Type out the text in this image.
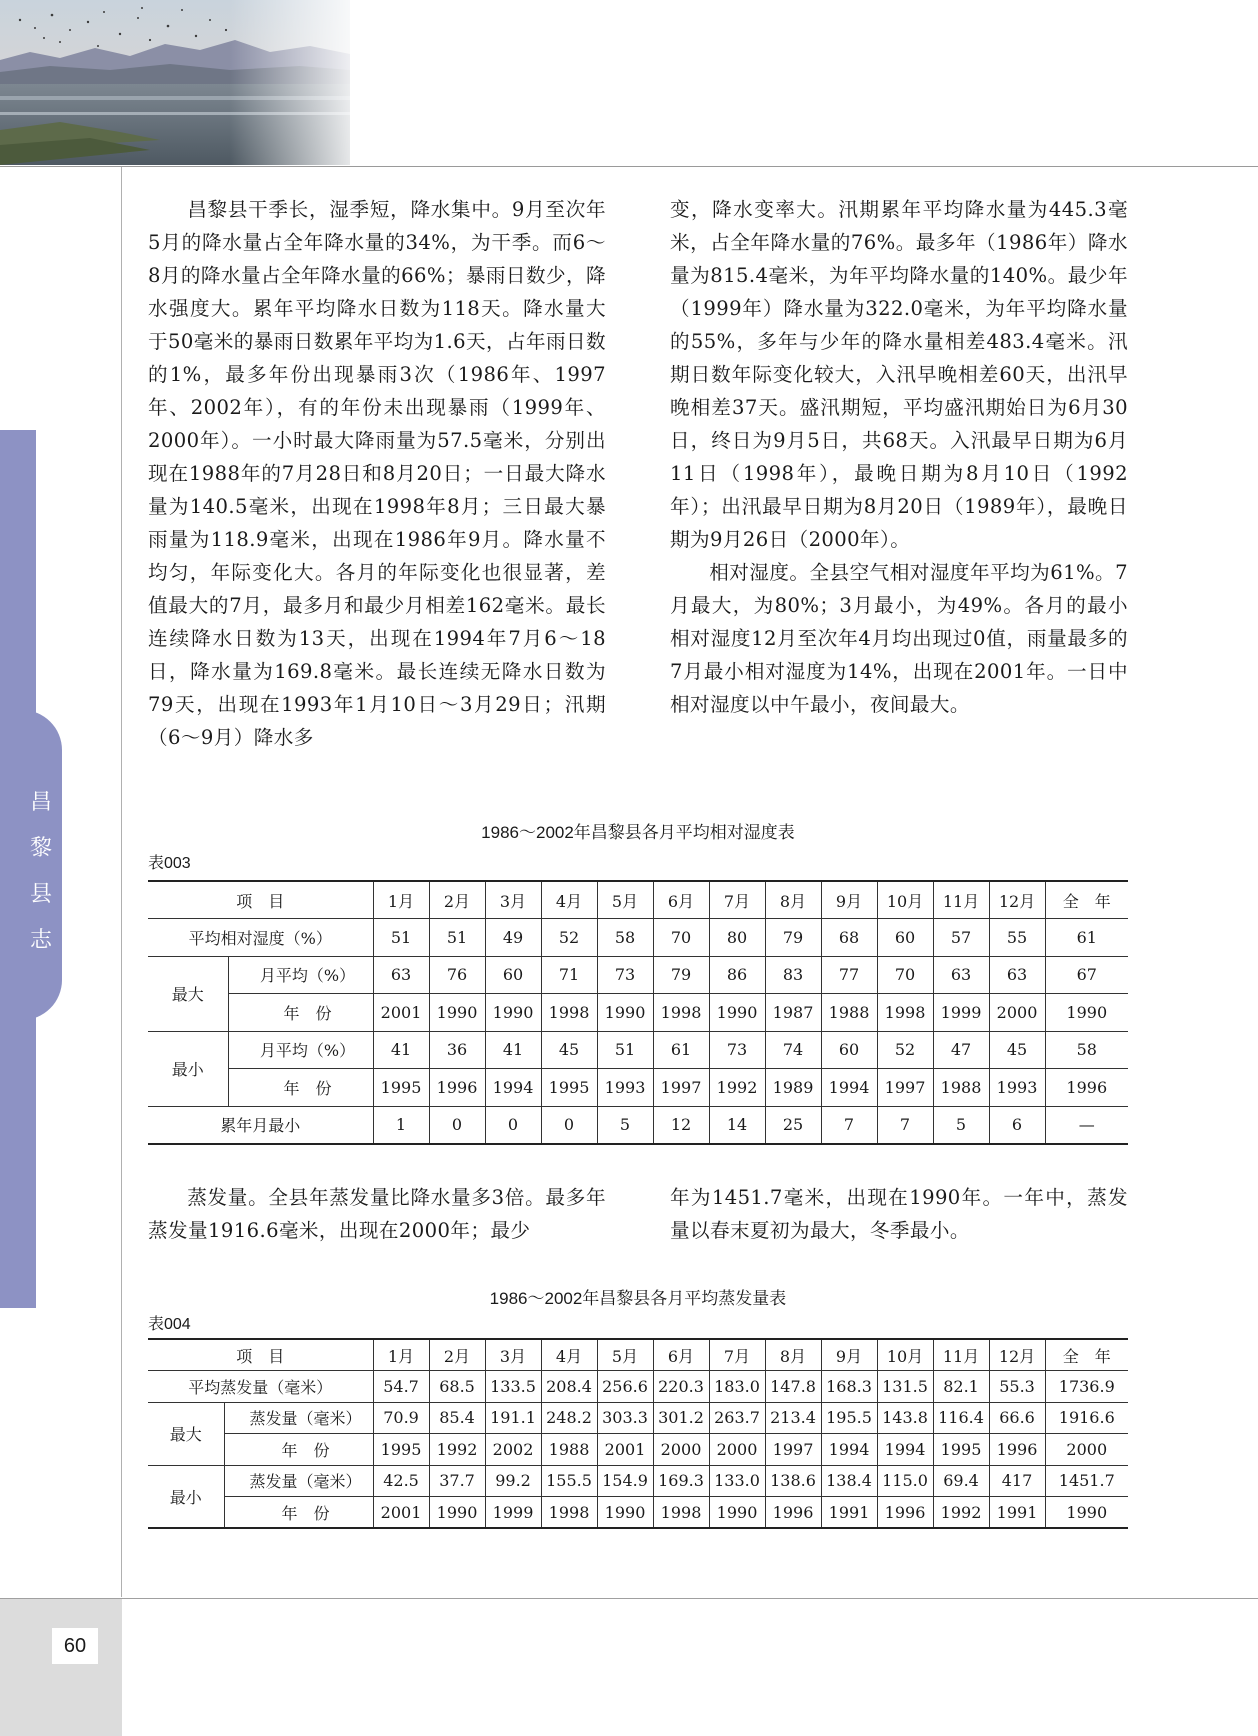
昌
黎
县
志

昌黎县干季长，湿季短，降水集中。9月至次年5月的降水量占全年降水量的34%，为干季。而6～8月的降水量占全年降水量的66%；暴雨日数少，降水强度大。累年平均降水日数为118天。降水量大于50毫米的暴雨日数累年平均为1.6天，占年雨日数的1%，最多年份出现暴雨3次（1986年、1997年、2002年），有的年份未出现暴雨（1999年、2000年）。一小时最大降雨量为57.5毫米，分别出现在1988年的7月28日和8月20日；一日最大降水量为140.5毫米，出现在1998年8月；三日最大暴雨量为118.9毫米，出现在1986年9月。降水量不均匀，年际变化大。各月的年际变化也很显著，差值最大的7月，最多月和最少月相差162毫米。最长连续降水日数为13天，出现在1994年7月6～18日，降水量为169.8毫米。最长连续无降水日数为79天，出现在1993年1月10日～3月29日；汛期（6～9月）降水多

变，降水变率大。汛期累年平均降水量为445.3毫米，占全年降水量的76%。最多年（1986年）降水量为815.4毫米，为年平均降水量的140%。最少年（1999年）降水量为322.0毫米，为年平均降水量的55%，多年与少年的降水量相差483.4毫米。汛期日数年际变化较大，入汛早晚相差60天，出汛早晚相差37天。盛汛期短，平均盛汛期始日为6月30日，终日为9月5日，共68天。入汛最早日期为6月11日（1998年），最晚日期为8月10日（1992年）；出汛最早日期为8月20日（1989年），最晚日期为9月26日（2000年）。

相对湿度。全县空气相对湿度年平均为61%。7月最大，为80%；3月最小，为49%。各月的最小相对湿度12月至次年4月均出现过0值，雨量最多的7月最小相对湿度为14%，出现在2001年。一日中相对湿度以中午最小，夜间最大。

1986～2002年昌黎县各月平均相对湿度表
表003
项　目		1月	2月	3月	4月	5月	6月	7月	8月	9月	10月	11月	12月	全　年
平均相对湿度（%）		51	51	49	52	58	70	80	79	68	60	57	55	61
最大	月平均（%）	63	76	60	71	73	79	86	83	77	70	63	63	67
	年　份	2001	1990	1990	1998	1990	1998	1990	1987	1988	1998	1999	2000	1990
最小	月平均（%）	41	36	41	45	51	61	73	74	60	52	47	45	58
	年　份	1995	1996	1994	1995	1993	1997	1992	1989	1994	1997	1988	1993	1996
累年月最小		1	0	0	0	5	12	14	25	7	7	5	6	—

蒸发量。全县年蒸发量比降水量多3倍。最多年蒸发量1916.6毫米，出现在2000年；最少

年为1451.7毫米，出现在1990年。一年中，蒸发量以春末夏初为最大，冬季最小。

1986～2002年昌黎县各月平均蒸发量表
表004
项　目		1月	2月	3月	4月	5月	6月	7月	8月	9月	10月	11月	12月	全　年
平均蒸发量（毫米）		54.7	68.5	133.5	208.4	256.6	220.3	183.0	147.8	168.3	131.5	82.1	55.3	1736.9
最大	蒸发量（毫米）	70.9	85.4	191.1	248.2	303.3	301.2	263.7	213.4	195.5	143.8	116.4	66.6	1916.6
	年　份	1995	1992	2002	1988	2001	2000	2000	1997	1994	1994	1995	1996	2000
最小	蒸发量（毫米）	42.5	37.7	99.2	155.5	154.9	169.3	133.0	138.6	138.4	115.0	69.4	417	1451.7
	年　份	2001	1990	1999	1998	1990	1998	1990	1996	1991	1996	1992	1991	1990
60
